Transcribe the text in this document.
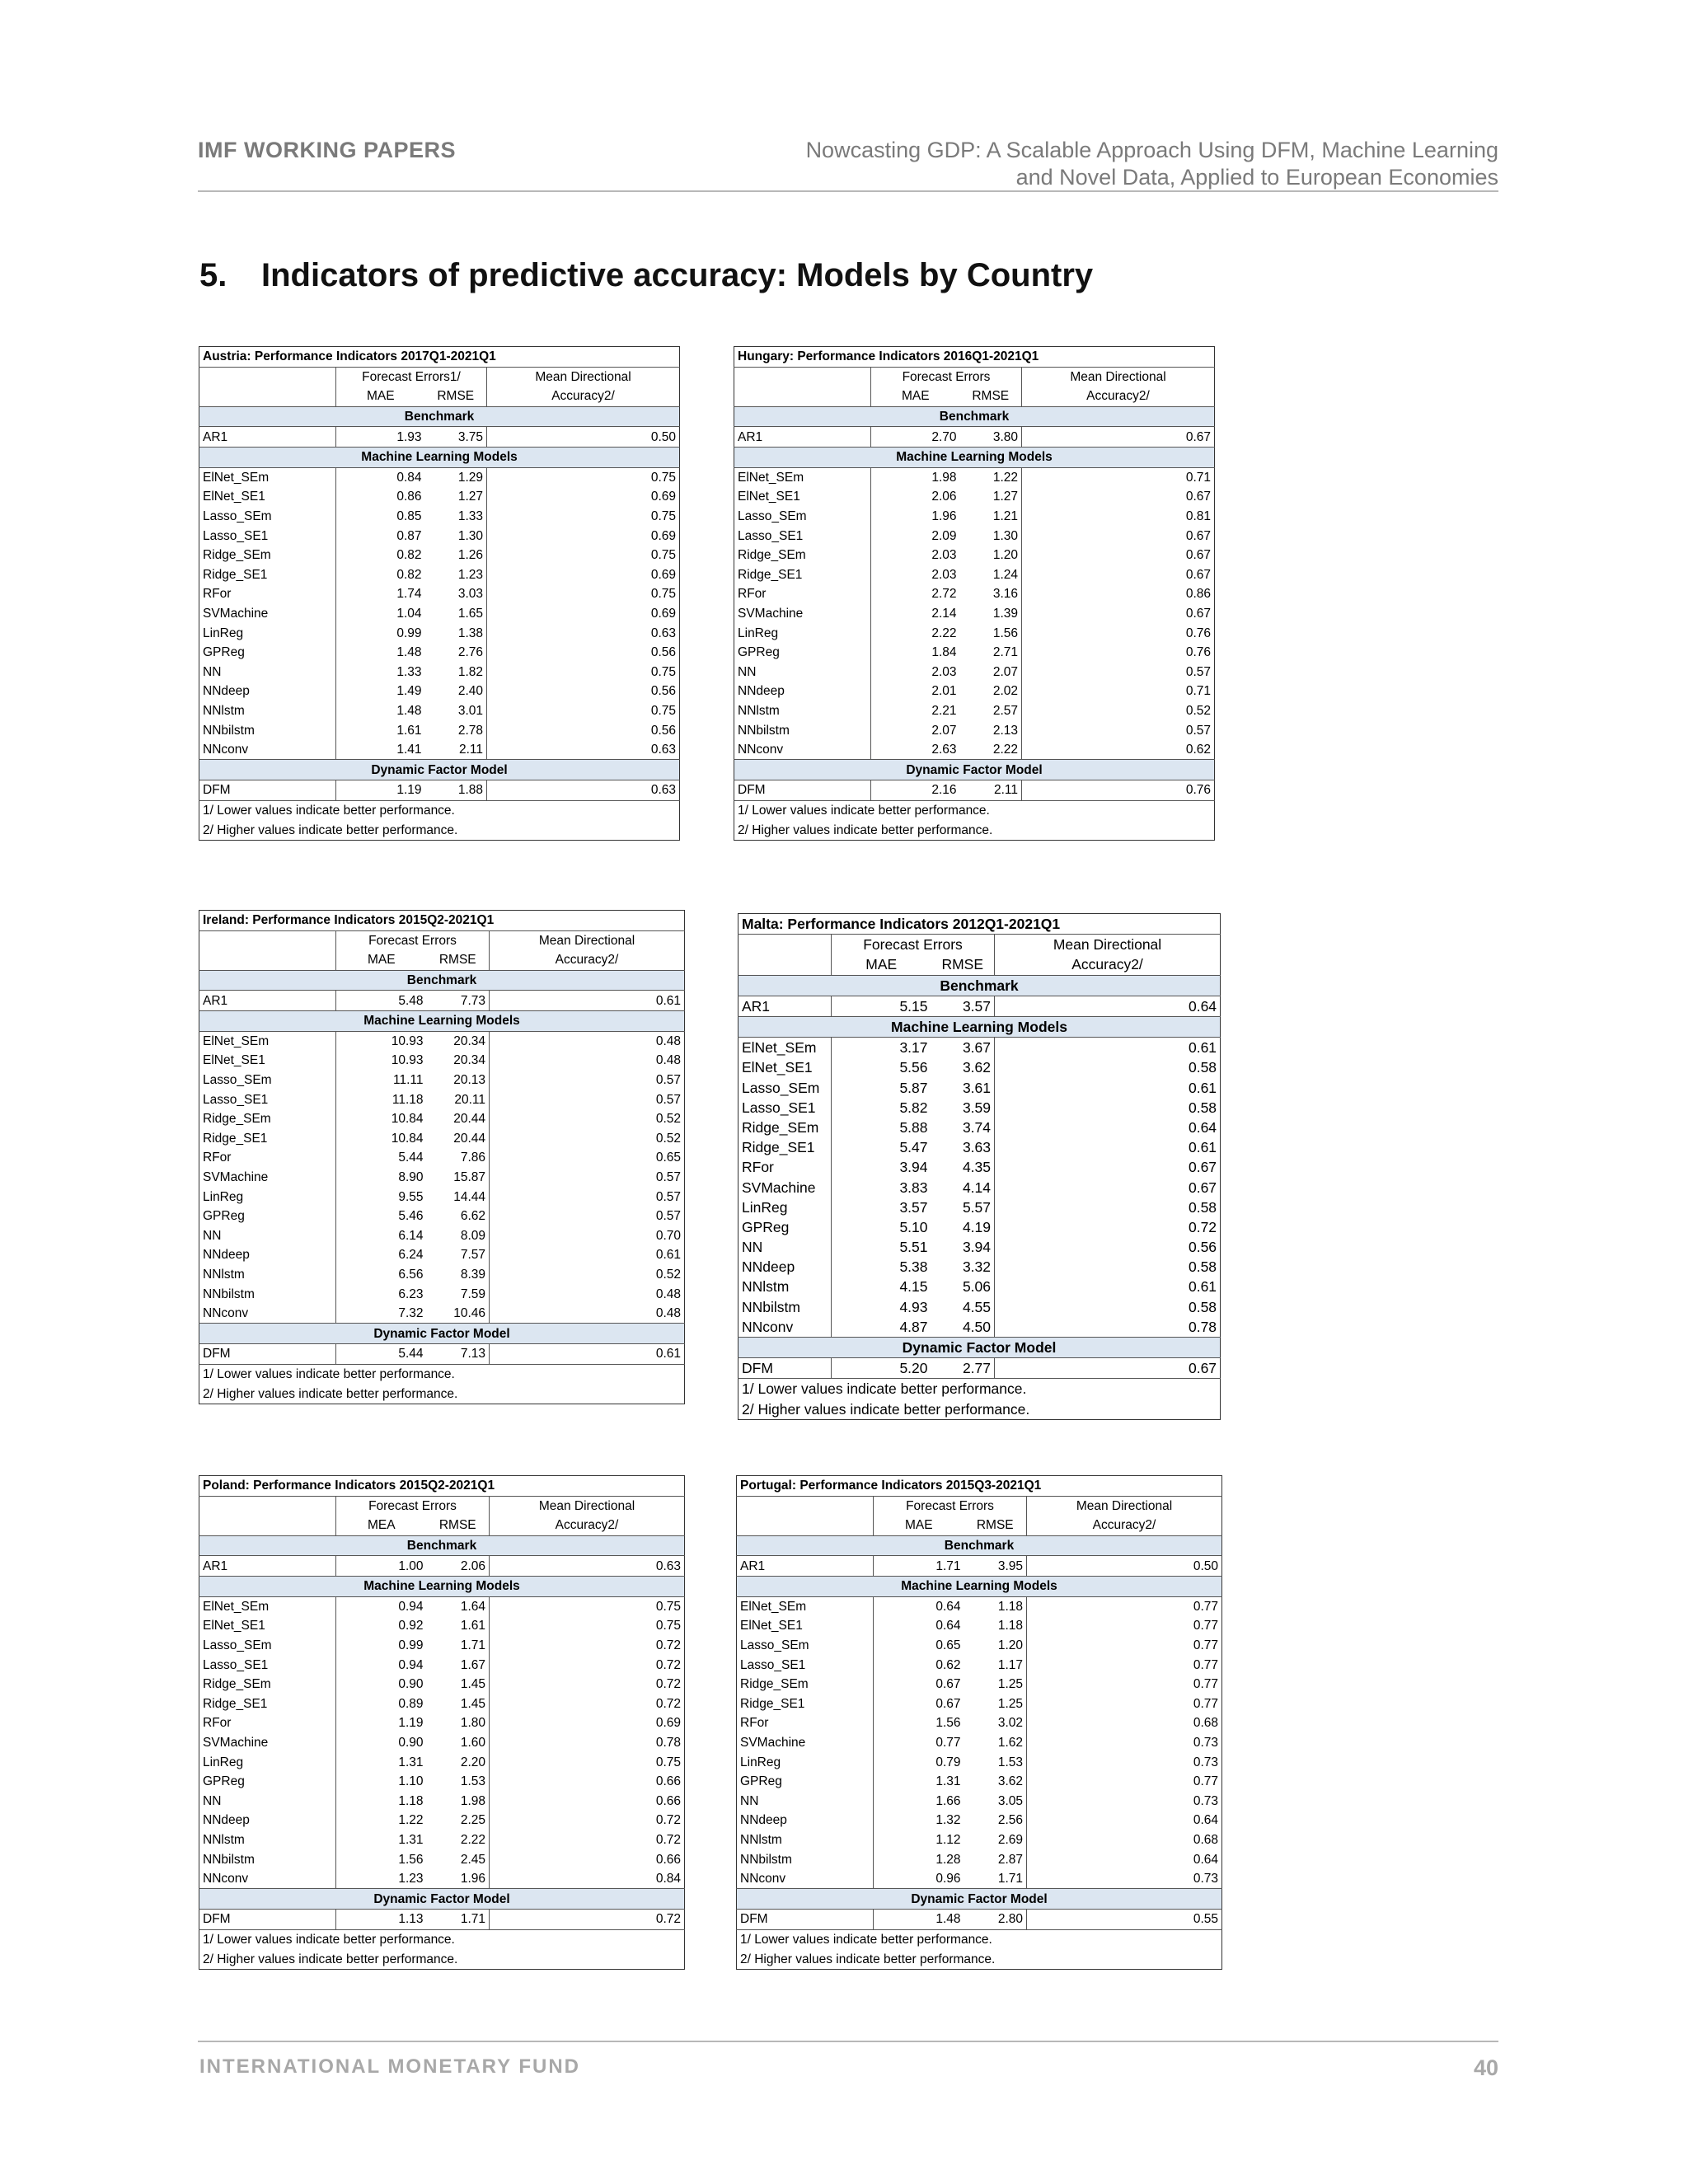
IMF WORKING PAPERS	Nowcasting GDP: A Scalable Approach Using DFM, Machine Learning
and Novel Data, Applied to European Economies
5. Indicators of predictive accuracy: Models by Country
Austria: Performance Indicators 2017Q1-2021Q1			
	Forecast Errors1/		Mean Directional
	MAE	RMSE	Accuracy2/
Benchmark			
AR1	1.93	3.75	0.50
Machine Learning Models			
ElNet_SEm	0.84	1.29	0.75
ElNet_SE1	0.86	1.27	0.69
Lasso_SEm	0.85	1.33	0.75
Lasso_SE1	0.87	1.30	0.69
Ridge_SEm	0.82	1.26	0.75
Ridge_SE1	0.82	1.23	0.69
RFor	1.74	3.03	0.75
SVMachine	1.04	1.65	0.69
LinReg	0.99	1.38	0.63
GPReg	1.48	2.76	0.56
NN	1.33	1.82	0.75
NNdeep	1.49	2.40	0.56
NNlstm	1.48	3.01	0.75
NNbilstm	1.61	2.78	0.56
NNconv	1.41	2.11	0.63
Dynamic Factor Model			
DFM	1.19	1.88	0.63
1/ Lower values indicate better performance.			
2/ Higher values indicate better performance.			
Hungary: Performance Indicators 2016Q1-2021Q1			
	Forecast Errors		Mean Directional
	MAE	RMSE	Accuracy2/
Benchmark			
AR1	2.70	3.80	0.67
Machine Learning Models			
ElNet_SEm	1.98	1.22	0.71
ElNet_SE1	2.06	1.27	0.67
Lasso_SEm	1.96	1.21	0.81
Lasso_SE1	2.09	1.30	0.67
Ridge_SEm	2.03	1.20	0.67
Ridge_SE1	2.03	1.24	0.67
RFor	2.72	3.16	0.86
SVMachine	2.14	1.39	0.67
LinReg	2.22	1.56	0.76
GPReg	1.84	2.71	0.76
NN	2.03	2.07	0.57
NNdeep	2.01	2.02	0.71
NNlstm	2.21	2.57	0.52
NNbilstm	2.07	2.13	0.57
NNconv	2.63	2.22	0.62
Dynamic Factor Model			
DFM	2.16	2.11	0.76
1/ Lower values indicate better performance.			
2/ Higher values indicate better performance.			
Ireland: Performance Indicators 2015Q2-2021Q1			
	Forecast Errors		Mean Directional
	MAE	RMSE	Accuracy2/
Benchmark			
AR1	5.48	7.73	0.61
Machine Learning Models			
ElNet_SEm	10.93	20.34	0.48
ElNet_SE1	10.93	20.34	0.48
Lasso_SEm	11.11	20.13	0.57
Lasso_SE1	11.18	20.11	0.57
Ridge_SEm	10.84	20.44	0.52
Ridge_SE1	10.84	20.44	0.52
RFor	5.44	7.86	0.65
SVMachine	8.90	15.87	0.57
LinReg	9.55	14.44	0.57
GPReg	5.46	6.62	0.57
NN	6.14	8.09	0.70
NNdeep	6.24	7.57	0.61
NNlstm	6.56	8.39	0.52
NNbilstm	6.23	7.59	0.48
NNconv	7.32	10.46	0.48
Dynamic Factor Model			
DFM	5.44	7.13	0.61
1/ Lower values indicate better performance.			
2/ Higher values indicate better performance.			
Malta: Performance Indicators 2012Q1-2021Q1			
	Forecast Errors		Mean Directional
	MAE	RMSE	Accuracy2/
Benchmark			
AR1	5.15	3.57	0.64
Machine Learning Models			
ElNet_SEm	3.17	3.67	0.61
ElNet_SE1	5.56	3.62	0.58
Lasso_SEm	5.87	3.61	0.61
Lasso_SE1	5.82	3.59	0.58
Ridge_SEm	5.88	3.74	0.64
Ridge_SE1	5.47	3.63	0.61
RFor	3.94	4.35	0.67
SVMachine	3.83	4.14	0.67
LinReg	3.57	5.57	0.58
GPReg	5.10	4.19	0.72
NN	5.51	3.94	0.56
NNdeep	5.38	3.32	0.58
NNlstm	4.15	5.06	0.61
NNbilstm	4.93	4.55	0.58
NNconv	4.87	4.50	0.78
Dynamic Factor Model			
DFM	5.20	2.77	0.67
1/ Lower values indicate better performance.			
2/ Higher values indicate better performance.			
Poland: Performance Indicators 2015Q2-2021Q1			
	Forecast Errors		Mean Directional
	MEA	RMSE	Accuracy2/
Benchmark			
AR1	1.00	2.06	0.63
Machine Learning Models			
ElNet_SEm	0.94	1.64	0.75
ElNet_SE1	0.92	1.61	0.75
Lasso_SEm	0.99	1.71	0.72
Lasso_SE1	0.94	1.67	0.72
Ridge_SEm	0.90	1.45	0.72
Ridge_SE1	0.89	1.45	0.72
RFor	1.19	1.80	0.69
SVMachine	0.90	1.60	0.78
LinReg	1.31	2.20	0.75
GPReg	1.10	1.53	0.66
NN	1.18	1.98	0.66
NNdeep	1.22	2.25	0.72
NNlstm	1.31	2.22	0.72
NNbilstm	1.56	2.45	0.66
NNconv	1.23	1.96	0.84
Dynamic Factor Model			
DFM	1.13	1.71	0.72
1/ Lower values indicate better performance.			
2/ Higher values indicate better performance.			
Portugal: Performance Indicators 2015Q3-2021Q1			
	Forecast Errors		Mean Directional
	MAE	RMSE	Accuracy2/
Benchmark			
AR1	1.71	3.95	0.50
Machine Learning Models			
ElNet_SEm	0.64	1.18	0.77
ElNet_SE1	0.64	1.18	0.77
Lasso_SEm	0.65	1.20	0.77
Lasso_SE1	0.62	1.17	0.77
Ridge_SEm	0.67	1.25	0.77
Ridge_SE1	0.67	1.25	0.77
RFor	1.56	3.02	0.68
SVMachine	0.77	1.62	0.73
LinReg	0.79	1.53	0.73
GPReg	1.31	3.62	0.77
NN	1.66	3.05	0.73
NNdeep	1.32	2.56	0.64
NNlstm	1.12	2.69	0.68
NNbilstm	1.28	2.87	0.64
NNconv	0.96	1.71	0.73
Dynamic Factor Model			
DFM	1.48	2.80	0.55
1/ Lower values indicate better performance.			
2/ Higher values indicate better performance.			
INTERNATIONAL MONETARY FUND	40
